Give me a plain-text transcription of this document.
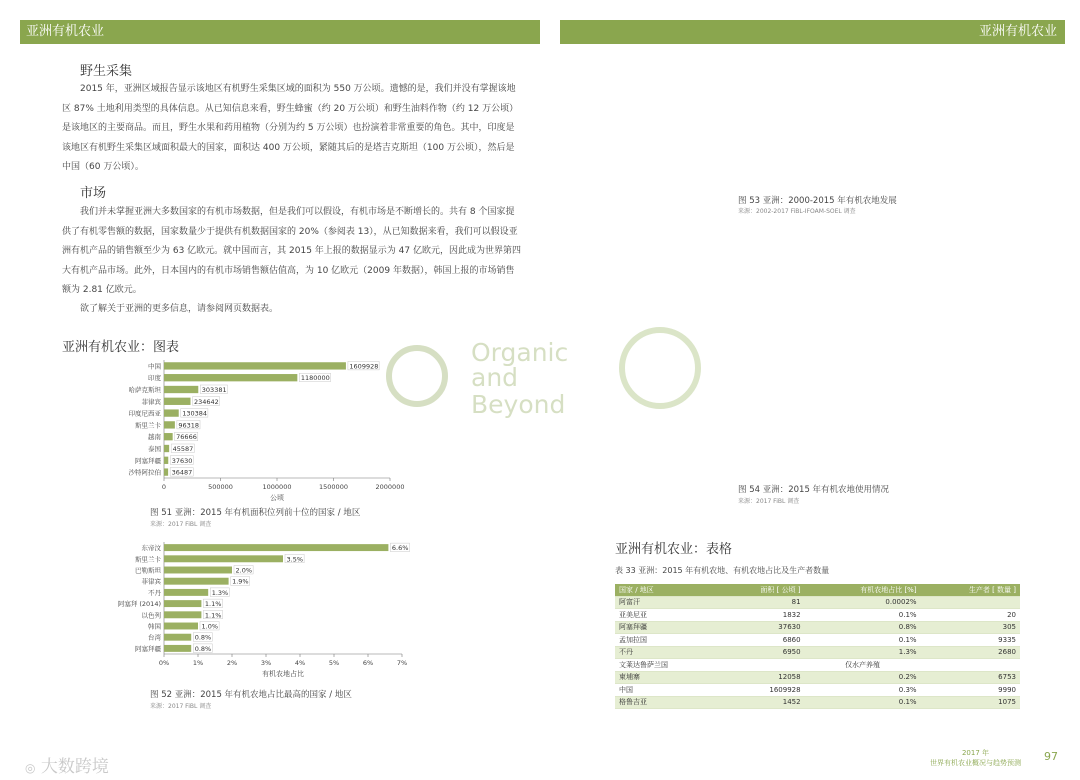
亚洲有机农业	亚洲有机农业
野生采集
2015 年，亚洲区域报告显示该地区有机野生采集区域的面积为 550 万公顷。遗憾的是，我们并没有掌握该地区 87% 土地利用类型的具体信息。从已知信息来看，野生蜂蜜（约 20 万公顷）和野生油料作物（约 12 万公顷）是该地区的主要商品。而且，野生水果和药用植物（分别为约 5 万公顷）也扮演着非常重要的角色。其中，印度是该地区有机野生采集区域面积最大的国家，面积达 400 万公顷，紧随其后的是塔吉克斯坦（100 万公顷），然后是中国（60 万公顷）。
市场
我们并未掌握亚洲大多数国家的有机市场数据，但是我们可以假设，有机市场是不断增长的。共有 8 个国家提供了有机零售额的数据，国家数量少于提供有机数据国家的 20%（参阅表 13），从已知数据来看，我们可以假设亚洲有机产品的销售额至少为 63 亿欧元。就中国而言，其 2015 年上报的数据显示为 47 亿欧元，因此成为世界第四大有机产品市场。此外，日本国内的有机市场销售额估值高，为 10 亿欧元（2009 年数据），韩国上报的市场销售额为 2.81 亿欧元。
欲了解关于亚洲的更多信息，请参阅网页数据表。
亚洲有机农业：图表	Organic
and
Beyond
0	500000	1000000	1500000	2000000
中国	1609928
印度	1180000
哈萨克斯坦	303381
菲律宾	234642
印度尼西亚	130384
斯里兰卡	96318
越南 76666
泰国 45587
阿塞拜疆 37630
沙特阿拉伯 36487
公顷
图 51 亚洲：2015 年有机面积位列前十位的国家 / 地区
来源：2017 FiBL 调查
0%	1%	2%	3%	4%	5%	6%	7%
东帝汶	6.6%
斯里兰卡	3.5%
巴勒斯坦	2.0%
菲律宾	1.9%
不丹	1.3%
阿塞拜 (2014)	1.1%
以色列	1.1%
韩国	1.0%
台湾	0.8%
阿塞拜疆	0.8%
有机农地占比
图 52 亚洲：2015 年有机农地占比最高的国家 / 地区
来源：2017 FiBL 调查
图 53 亚洲：2000-2015 年有机农地发展
来源：2002-2017 FiBL-IFOAM-SOEL 调查
图 54 亚洲：2015 年有机农地使用情况
来源：2017 FiBL 调查
亚洲有机农业：表格
表 33 亚洲：2015 年有机农地、有机农地占比及生产者数量
国家 / 地区	面积 [ 公顷 ]	有机农地占比 [%]	生产者 [ 数量 ]
阿富汗	81	0.0002%	
亚美尼亚	1832	0.1%	20
阿塞拜疆	37630	0.8%	305
孟加拉国	6860	0.1%	9335
不丹	6950	1.3%	2680
文莱达鲁萨兰国		仅水产养殖	
柬埔寨	12058	0.2%	6753
中国	1609928	0.3%	9990
格鲁吉亚	1452	0.1%	1075
◎ 大数跨境
2017 年
世界有机农业概况与趋势预测 97
